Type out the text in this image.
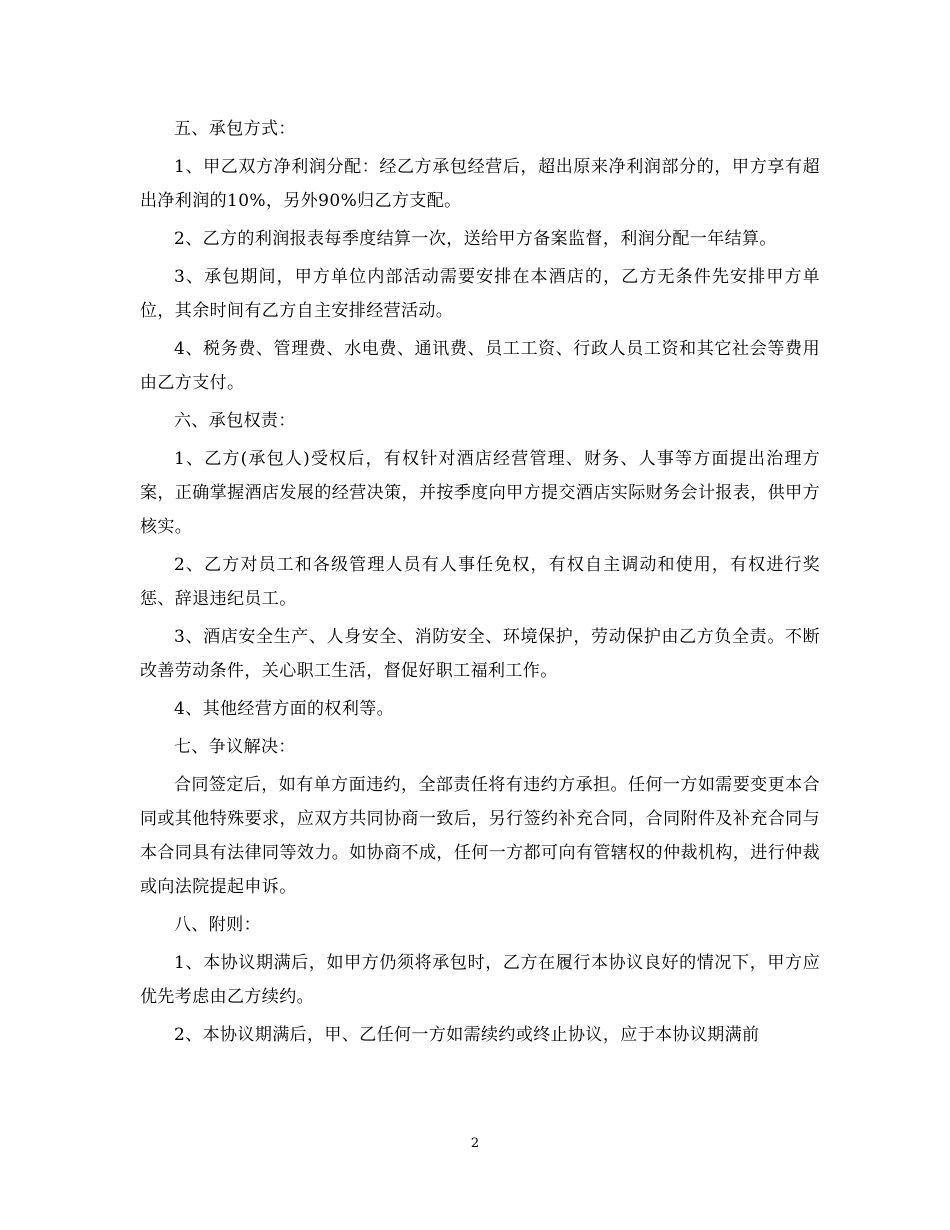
五、承包方式：

1、甲乙双方净利润分配：经乙方承包经营后，超出原来净利润部分的，甲方享有超出净利润的10%，另外90%归乙方支配。

2、乙方的利润报表每季度结算一次，送给甲方备案监督，利润分配一年结算。

3、承包期间，甲方单位内部活动需要安排在本酒店的，乙方无条件先安排甲方单位，其余时间有乙方自主安排经营活动。

4、税务费、管理费、水电费、通讯费、员工工资、行政人员工资和其它社会等费用由乙方支付。

六、承包权责：

1、乙方(承包人)受权后，有权针对酒店经营管理、财务、人事等方面提出治理方案，正确掌握酒店发展的经营决策，并按季度向甲方提交酒店实际财务会计报表，供甲方核实。

2、乙方对员工和各级管理人员有人事任免权，有权自主调动和使用，有权进行奖惩、辞退违纪员工。

3、酒店安全生产、人身安全、消防安全、环境保护，劳动保护由乙方负全责。不断改善劳动条件，关心职工生活，督促好职工福利工作。

4、其他经营方面的权利等。

七、争议解决：

合同签定后，如有单方面违约，全部责任将有违约方承担。任何一方如需要变更本合同或其他特殊要求，应双方共同协商一致后，另行签约补充合同，合同附件及补充合同与本合同具有法律同等效力。如协商不成，任何一方都可向有管辖权的仲裁机构，进行仲裁或向法院提起申诉。

八、附则：

1、本协议期满后，如甲方仍须将承包时，乙方在履行本协议良好的情况下，甲方应优先考虑由乙方续约。

2、本协议期满后，甲、乙任何一方如需续约或终止协议，应于本协议期满前

2
